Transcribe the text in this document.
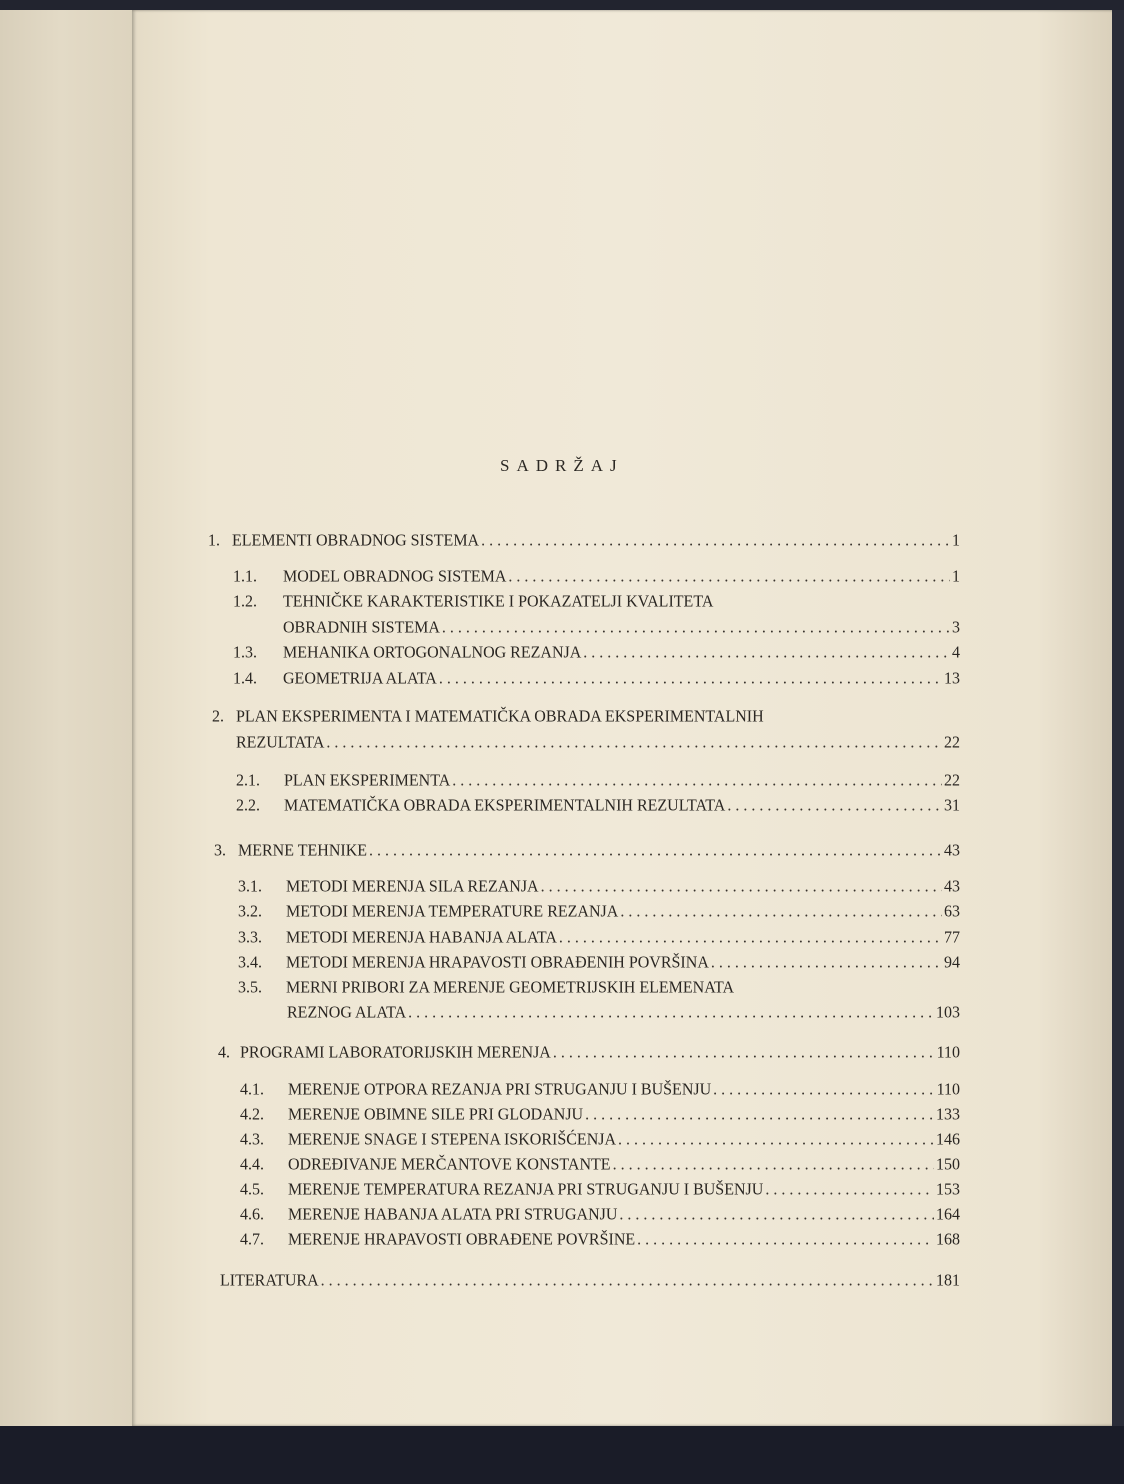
SADRŽAJ
1. ELEMENTI OBRADNOG SISTEMA . . .	1
1.1.	MODEL OBRADNOG SISTEMA . . .	1
1.2.	TEHNIČKE KARAKTERISTIKE I POKAZATELJI KVALITETA
OBRADNIH SISTEMA . . .	3
1.3.	MEHANIKA ORTOGONALNOG REZANJA . . .	4
1.4.	GEOMETRIJA ALATA . . .	13
2. PLAN EKSPERIMENTA I MATEMATIČKA OBRADA EKSPERIMENTALNIH
REZULTATA . . .	22
2.1.	PLAN EKSPERIMENTA . . .	22
2.2.	MATEMATIČKA OBRADA EKSPERIMENTALNIH REZULTATA . . .	31
3. MERNE TEHNIKE . . .	43
3.1.	METODI MERENJA SILA REZANJA . . .	43
3.2.	METODI MERENJA TEMPERATURE REZANJA . . .	63
3.3.	METODI MERENJA HABANJA ALATA . . .	77
3.4.	METODI MERENJA HRAPAVOSTI OBRAĐENIH POVRŠINA . . .	94
3.5.	MERNI PRIBORI ZA MERENJE GEOMETRIJSKIH ELEMENATA
REZNOG ALATA . . .	103
4. PROGRAMI LABORATORIJSKIH MERENJA . . .	110
4.1.	MERENJE OTPORA REZANJA PRI STRUGANJU I BUŠENJU . . .	110
4.2.	MERENJE OBIMNE SILE PRI GLODANJU . . .	133
4.3.	MERENJE SNAGE I STEPENA ISKORIŠĆENJA . . .	146
4.4.	ODREĐIVANJE MERČANTOVE KONSTANTE . . .	150
4.5.	MERENJE TEMPERATURA REZANJA PRI STRUGANJU I BUŠENJU . . .	153
4.6.	MERENJE HABANJA ALATA PRI STRUGANJU . . .	164
4.7.	MERENJE HRAPAVOSTI OBRAĐENE POVRŠINE . . .	168
LITERATURA . . .	181
